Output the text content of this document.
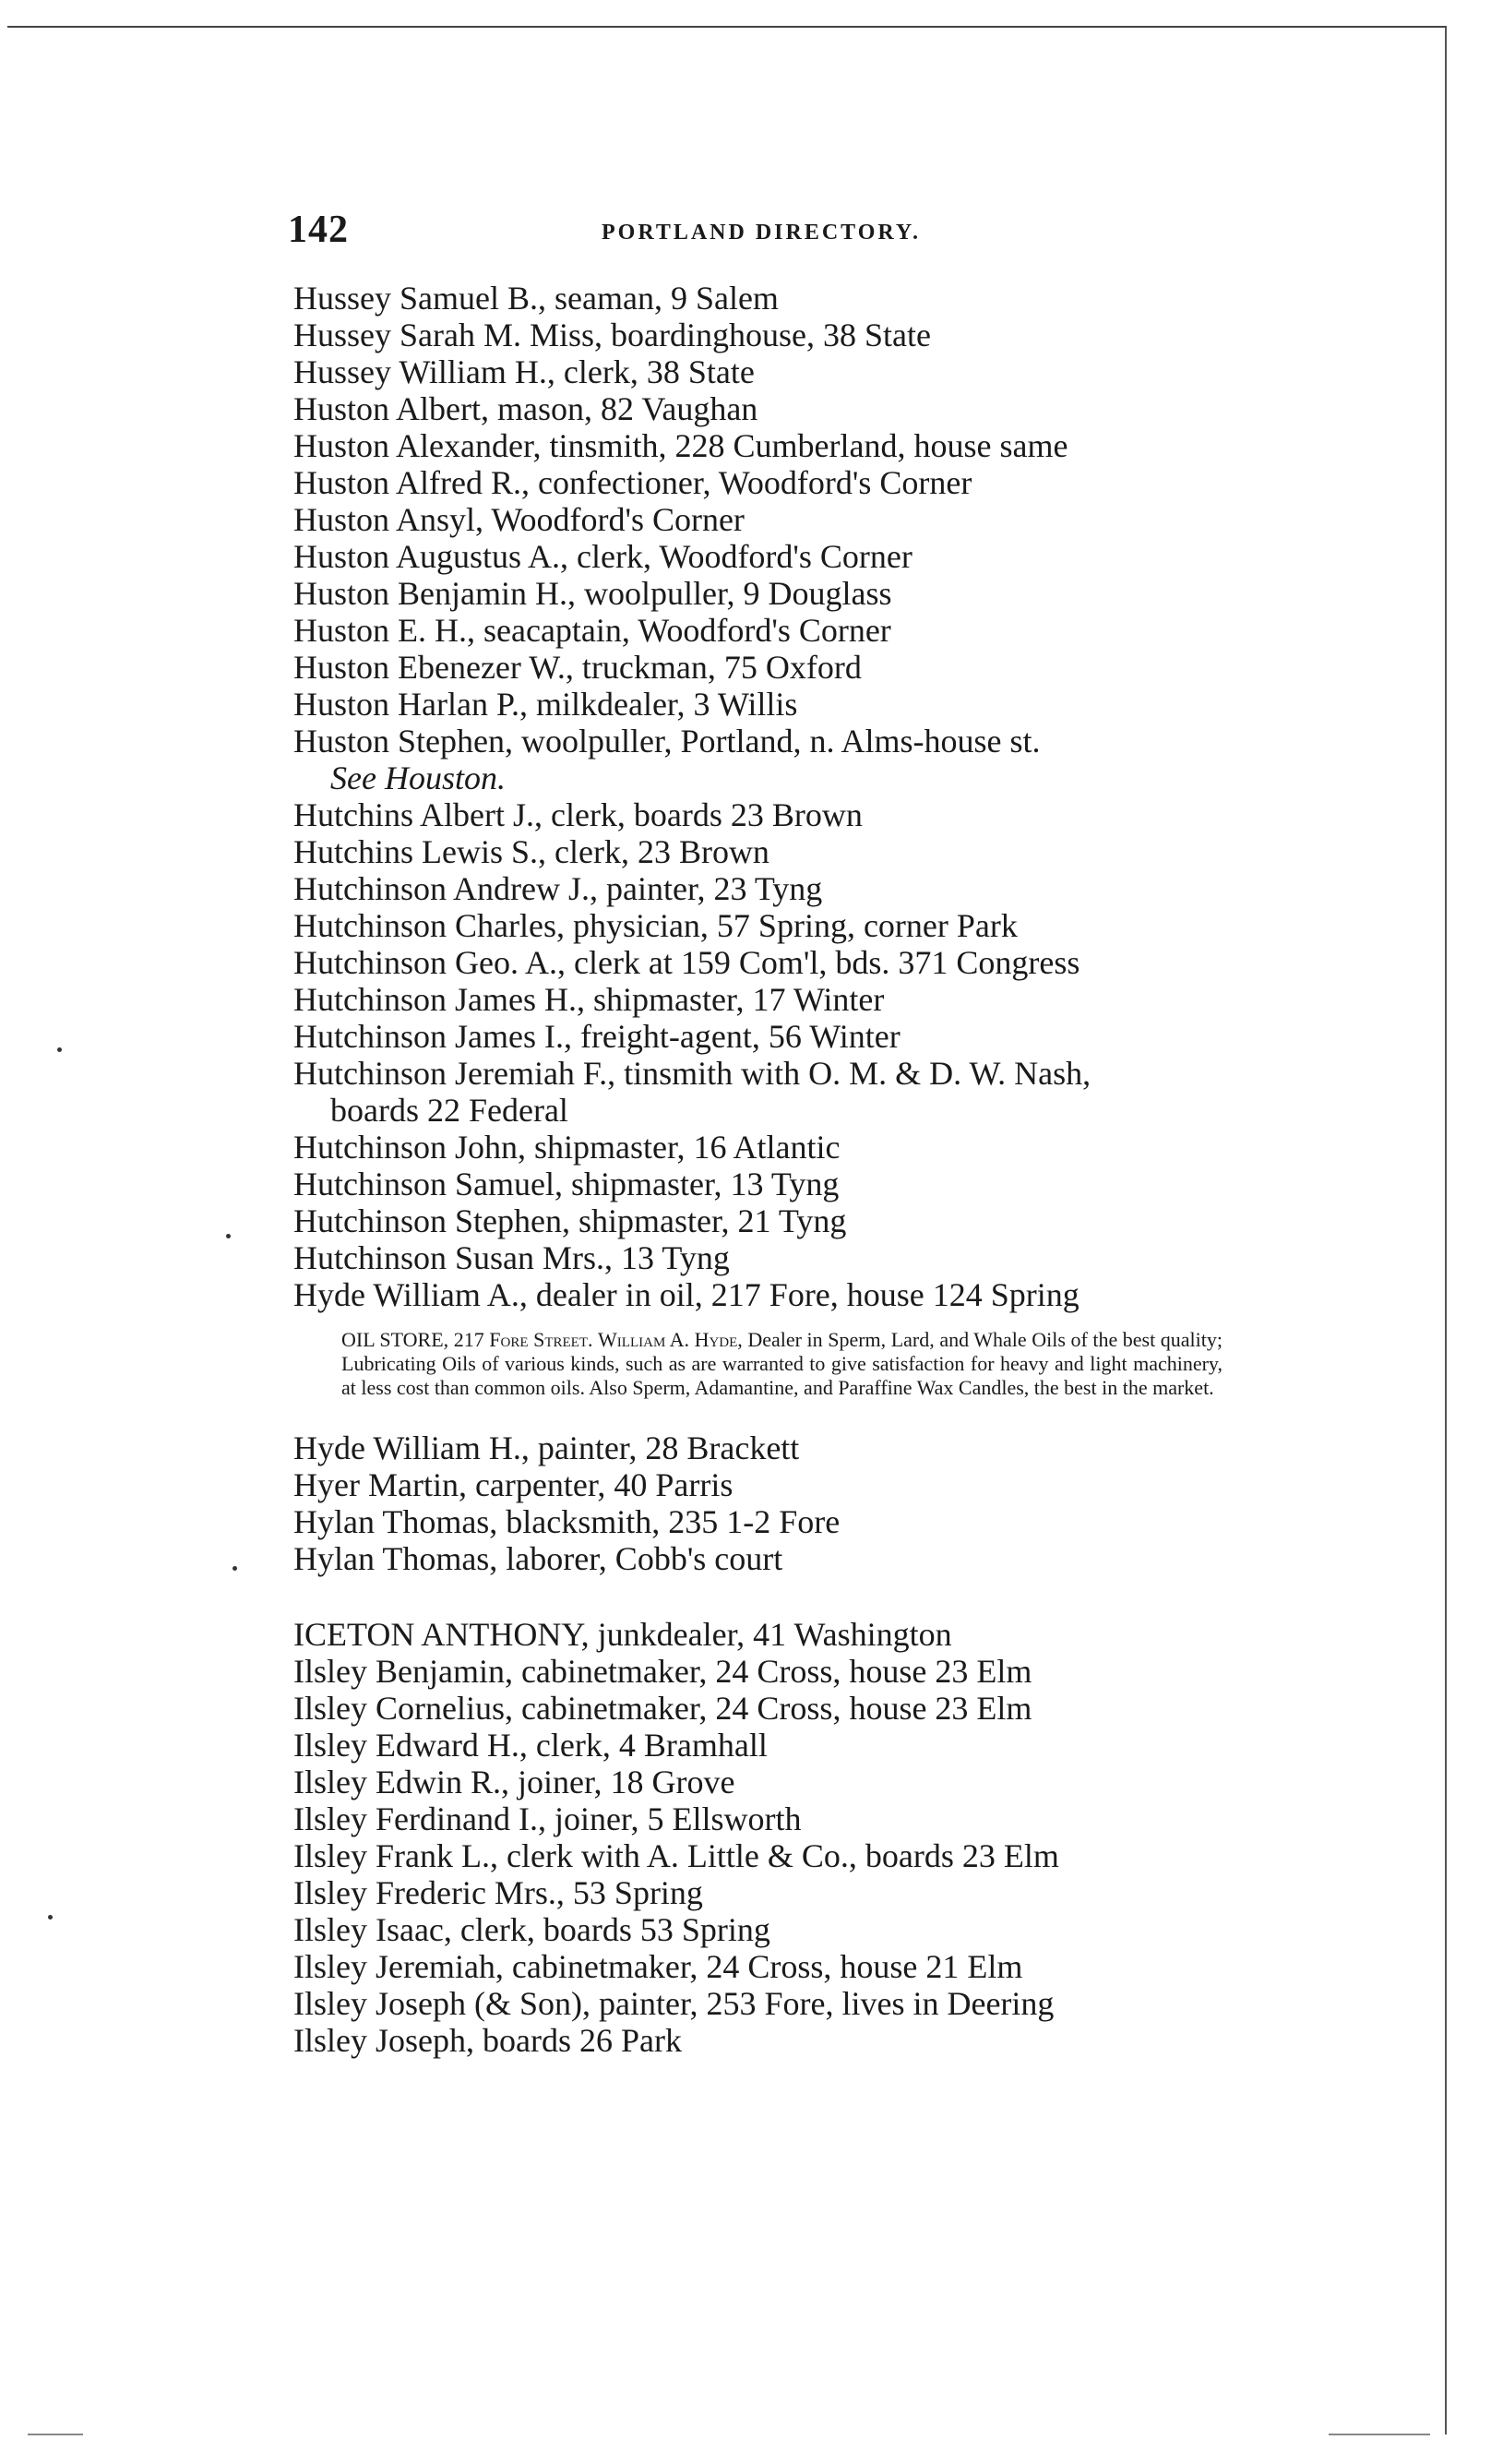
142	PORTLAND DIRECTORY.
Hussey Samuel B., seaman, 9 Salem
Hussey Sarah M. Miss, boardinghouse, 38 State
Hussey William H., clerk, 38 State
Huston Albert, mason, 82 Vaughan
Huston Alexander, tinsmith, 228 Cumberland, house same
Huston Alfred R., confectioner, Woodford's Corner
Huston Ansyl, Woodford's Corner
Huston Augustus A., clerk, Woodford's Corner
Huston Benjamin H., woolpuller, 9 Douglass
Huston E. H., seacaptain, Woodford's Corner
Huston Ebenezer W., truckman, 75 Oxford
Huston Harlan P., milkdealer, 3 Willis
Huston Stephen, woolpuller, Portland, n. Alms-house st.
See Houston.
Hutchins Albert J., clerk, boards 23 Brown
Hutchins Lewis S., clerk, 23 Brown
Hutchinson Andrew J., painter, 23 Tyng
Hutchinson Charles, physician, 57 Spring, corner Park
Hutchinson Geo. A., clerk at 159 Com'l, bds. 371 Congress
Hutchinson James H., shipmaster, 17 Winter
Hutchinson James I., freight-agent, 56 Winter
Hutchinson Jeremiah F., tinsmith with O. M. & D. W. Nash,
boards 22 Federal
Hutchinson John, shipmaster, 16 Atlantic
Hutchinson Samuel, shipmaster, 13 Tyng
Hutchinson Stephen, shipmaster, 21 Tyng
Hutchinson Susan Mrs., 13 Tyng
Hyde William A., dealer in oil, 217 Fore, house 124 Spring
OIL STORE, 217 Fore Street. William A. Hyde, Dealer in Sperm, Lard, and Whale Oils of the best quality; Lubricating Oils of various kinds, such as are warranted to give satisfaction for heavy and light machinery, at less cost than common oils. Also Sperm, Adamantine, and Paraffine Wax Candles, the best in the market.
Hyde William H., painter, 28 Brackett
Hyer Martin, carpenter, 40 Parris
Hylan Thomas, blacksmith, 235 1-2 Fore
Hylan Thomas, laborer, Cobb's court
ICETON ANTHONY, junkdealer, 41 Washington
Ilsley Benjamin, cabinetmaker, 24 Cross, house 23 Elm
Ilsley Cornelius, cabinetmaker, 24 Cross, house 23 Elm
Ilsley Edward H., clerk, 4 Bramhall
Ilsley Edwin R., joiner, 18 Grove
Ilsley Ferdinand I., joiner, 5 Ellsworth
Ilsley Frank L., clerk with A. Little & Co., boards 23 Elm
Ilsley Frederic Mrs., 53 Spring
Ilsley Isaac, clerk, boards 53 Spring
Ilsley Jeremiah, cabinetmaker, 24 Cross, house 21 Elm
Ilsley Joseph (& Son), painter, 253 Fore, lives in Deering
Ilsley Joseph, boards 26 Park
